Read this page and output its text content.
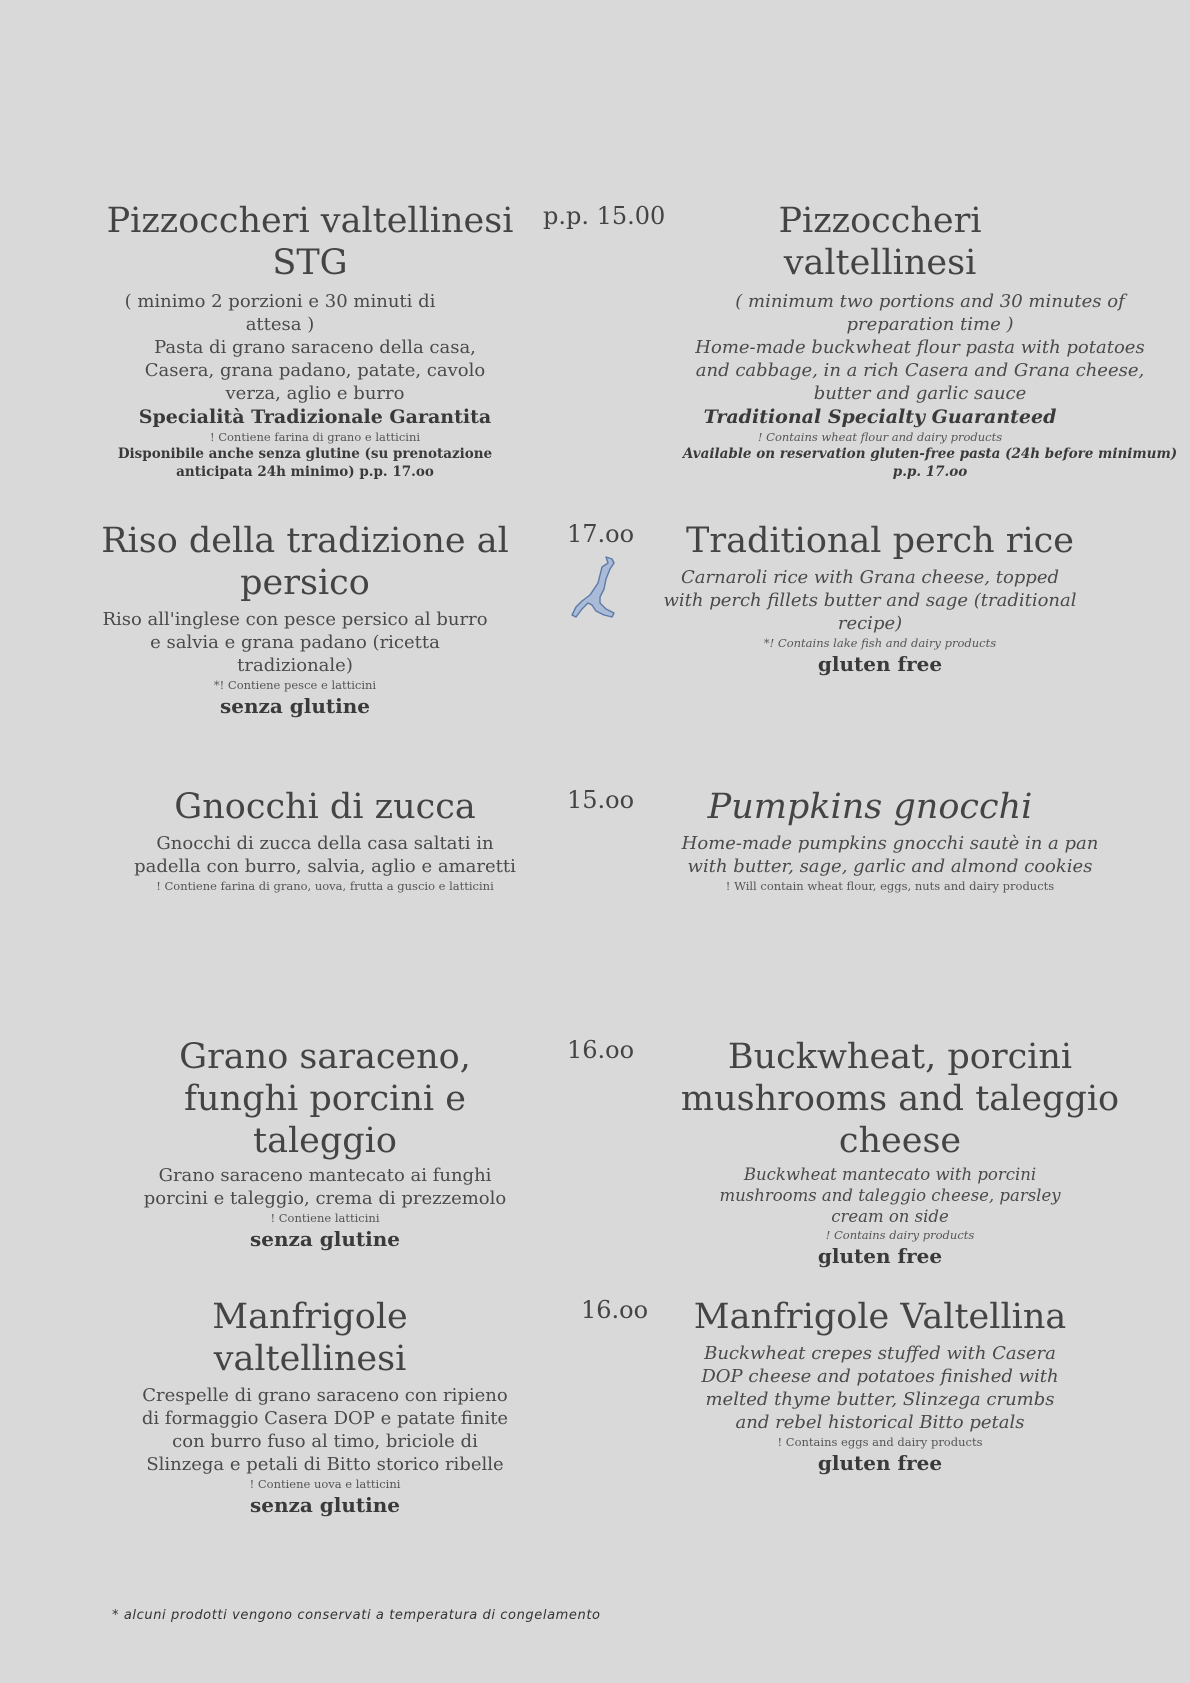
Pizzoccheri valtellinesi STG
( minimo 2 porzioni e 30 minuti di attesa )
Pasta di grano saraceno della casa, Casera, grana padano, patate, cavolo verza, aglio e burro
Specialità Tradizionale Garantita
! Contiene farina di grano e latticini
Disponibile anche senza glutine (su prenotazione anticipata 24h minimo) p.p. 17.oo
p.p. 15.00	Pizzoccheri valtellinesi
( minimum two portions and 30 minutes of preparation time )
Home-made buckwheat flour pasta with potatoes and cabbage, in a rich Casera and Grana cheese, butter and garlic sauce
Traditional Specialty Guaranteed
! Contains wheat flour and dairy products
Available on reservation gluten-free pasta (24h before minimum) p.p. 17.oo
Riso della tradizione al persico
Riso all'inglese con pesce persico al burro e salvia e grana padano (ricetta tradizionale)
*! Contiene pesce e latticini
senza glutine
17.oo	Traditional perch rice
Carnaroli rice with Grana cheese, topped with perch fillets butter and sage (traditional recipe)
*! Contains lake fish and dairy products
gluten free
Gnocchi di zucca
Gnocchi di zucca della casa saltati in padella con burro, salvia, aglio e amaretti
! Contiene farina di grano, uova, frutta a guscio e latticini
15.oo	Pumpkins gnocchi
Home-made pumpkins gnocchi sautè in a pan with butter, sage, garlic and almond cookies
! Will contain wheat flour, eggs, nuts and dairy products
Grano saraceno, funghi porcini e taleggio
Grano saraceno mantecato ai funghi porcini e taleggio, crema di prezzemolo
! Contiene latticini
senza glutine
16.oo	Buckwheat, porcini mushrooms and taleggio cheese
Buckwheat mantecato with porcini mushrooms and taleggio cheese, parsley cream on side
! Contains dairy products
gluten free
Manfrigole valtellinesi
Crespelle di grano saraceno con ripieno di formaggio Casera DOP e patate finite con burro fuso al timo, briciole di Slinzega e petali di Bitto storico ribelle
! Contiene uova e latticini
senza glutine
16.oo Manfrigole Valtellina
Buckwheat crepes stuffed with Casera DOP cheese and potatoes finished with melted thyme butter, Slinzega crumbs and rebel historical Bitto petals
! Contains eggs and dairy products
gluten free
* alcuni prodotti vengono conservati a temperatura di congelamento
